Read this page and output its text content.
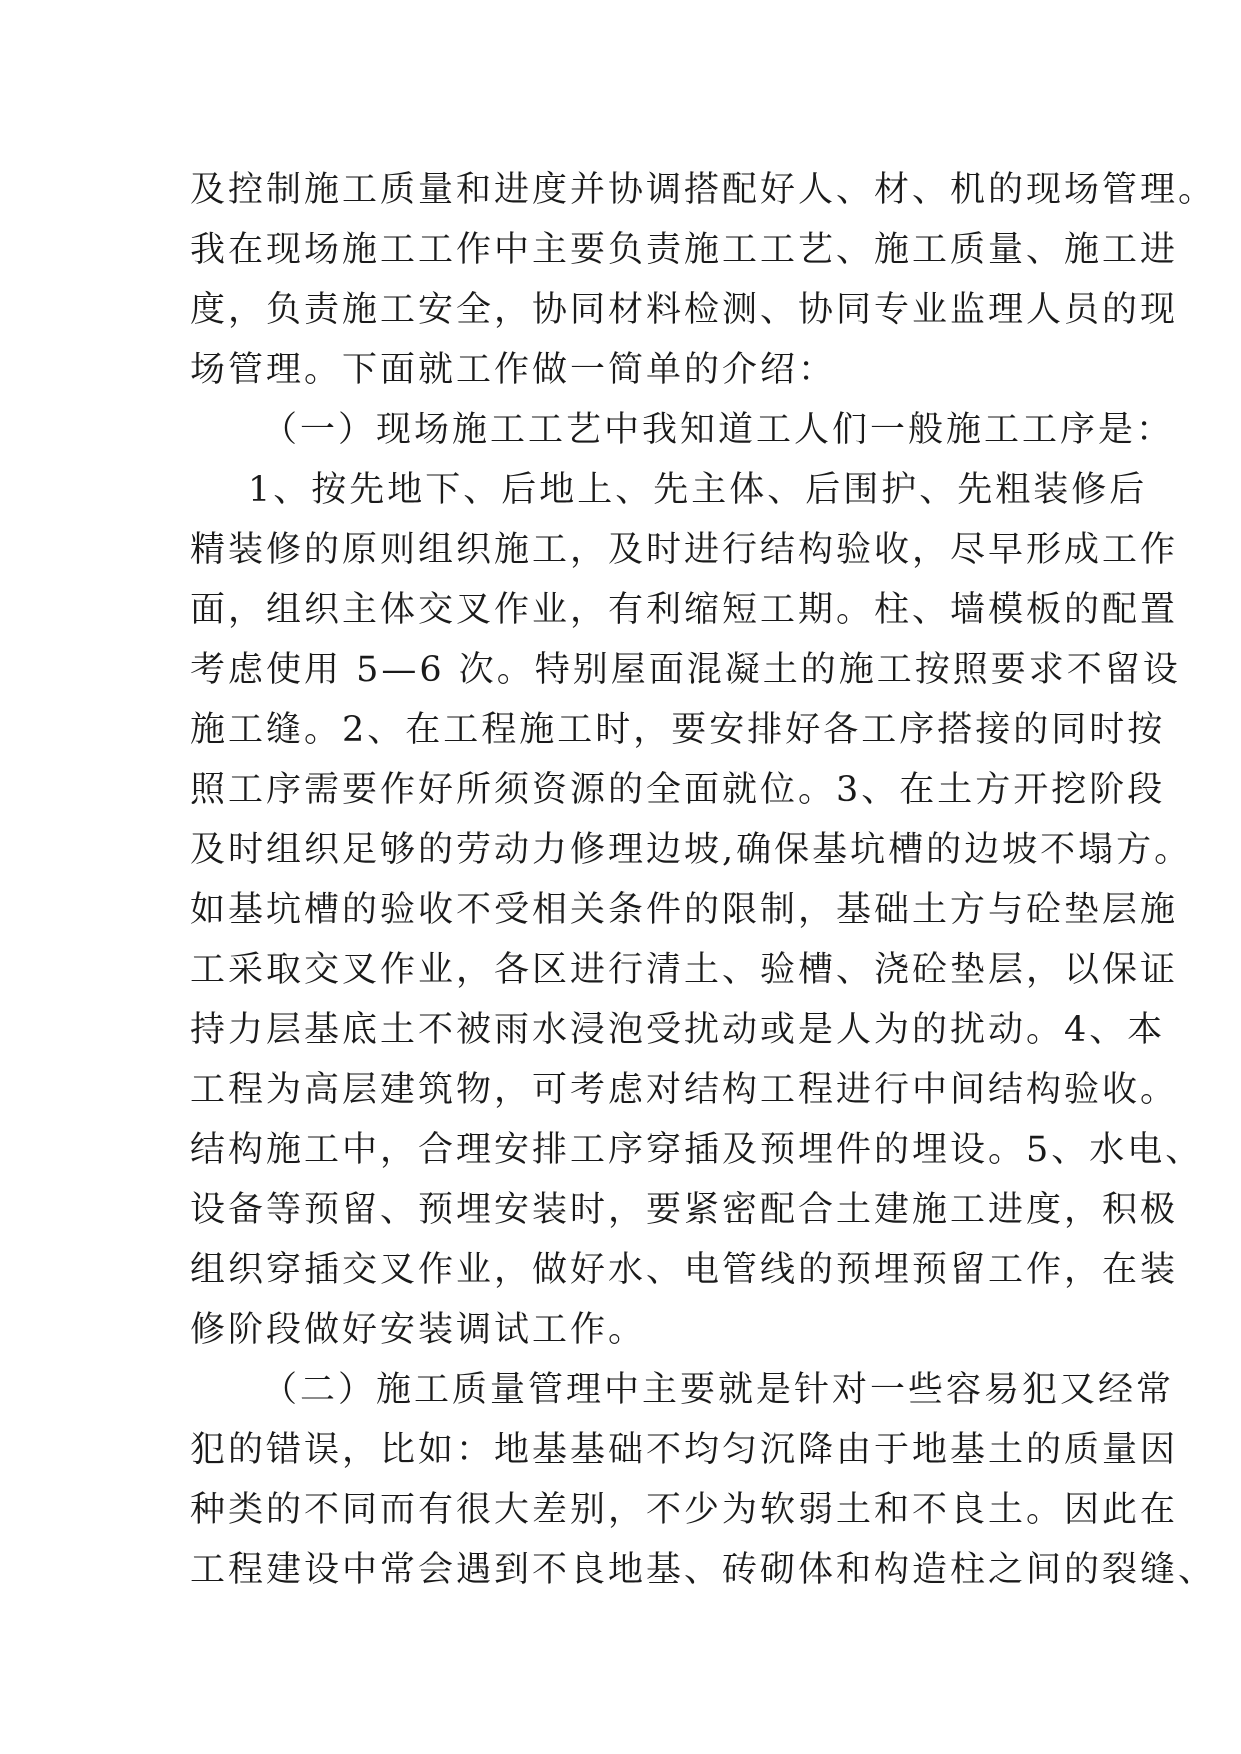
及控制施工质量和进度并协调搭配好人、材、机的现场管理。
我在现场施工工作中主要负责施工工艺、施工质量、施工进
度，负责施工安全，协同材料检测、协同专业监理人员的现
场管理。下面就工作做一简单的介绍：
（一）现场施工工艺中我知道工人们一般施工工序是：
1、按先地下、后地上、先主体、后围护、先粗装修后
精装修的原则组织施工，及时进行结构验收，尽早形成工作
面，组织主体交叉作业，有利缩短工期。柱、墙模板的配置
考虑使用 5—6 次。特别屋面混凝土的施工按照要求不留设
施工缝。2、在工程施工时，要安排好各工序搭接的同时按
照工序需要作好所须资源的全面就位。3、在土方开挖阶段
及时组织足够的劳动力修理边坡,确保基坑槽的边坡不塌方。
如基坑槽的验收不受相关条件的限制，基础土方与砼垫层施
工采取交叉作业，各区进行清土、验槽、浇砼垫层，以保证
持力层基底土不被雨水浸泡受扰动或是人为的扰动。4、本
工程为高层建筑物，可考虑对结构工程进行中间结构验收。
结构施工中，合理安排工序穿插及预埋件的埋设。5、水电、
设备等预留、预埋安装时，要紧密配合土建施工进度，积极
组织穿插交叉作业，做好水、电管线的预埋预留工作，在装
修阶段做好安装调试工作。
（二）施工质量管理中主要就是针对一些容易犯又经常
犯的错误，比如：地基基础不均匀沉降由于地基土的质量因
种类的不同而有很大差别，不少为软弱土和不良土。因此在
工程建设中常会遇到不良地基、砖砌体和构造柱之间的裂缝、
